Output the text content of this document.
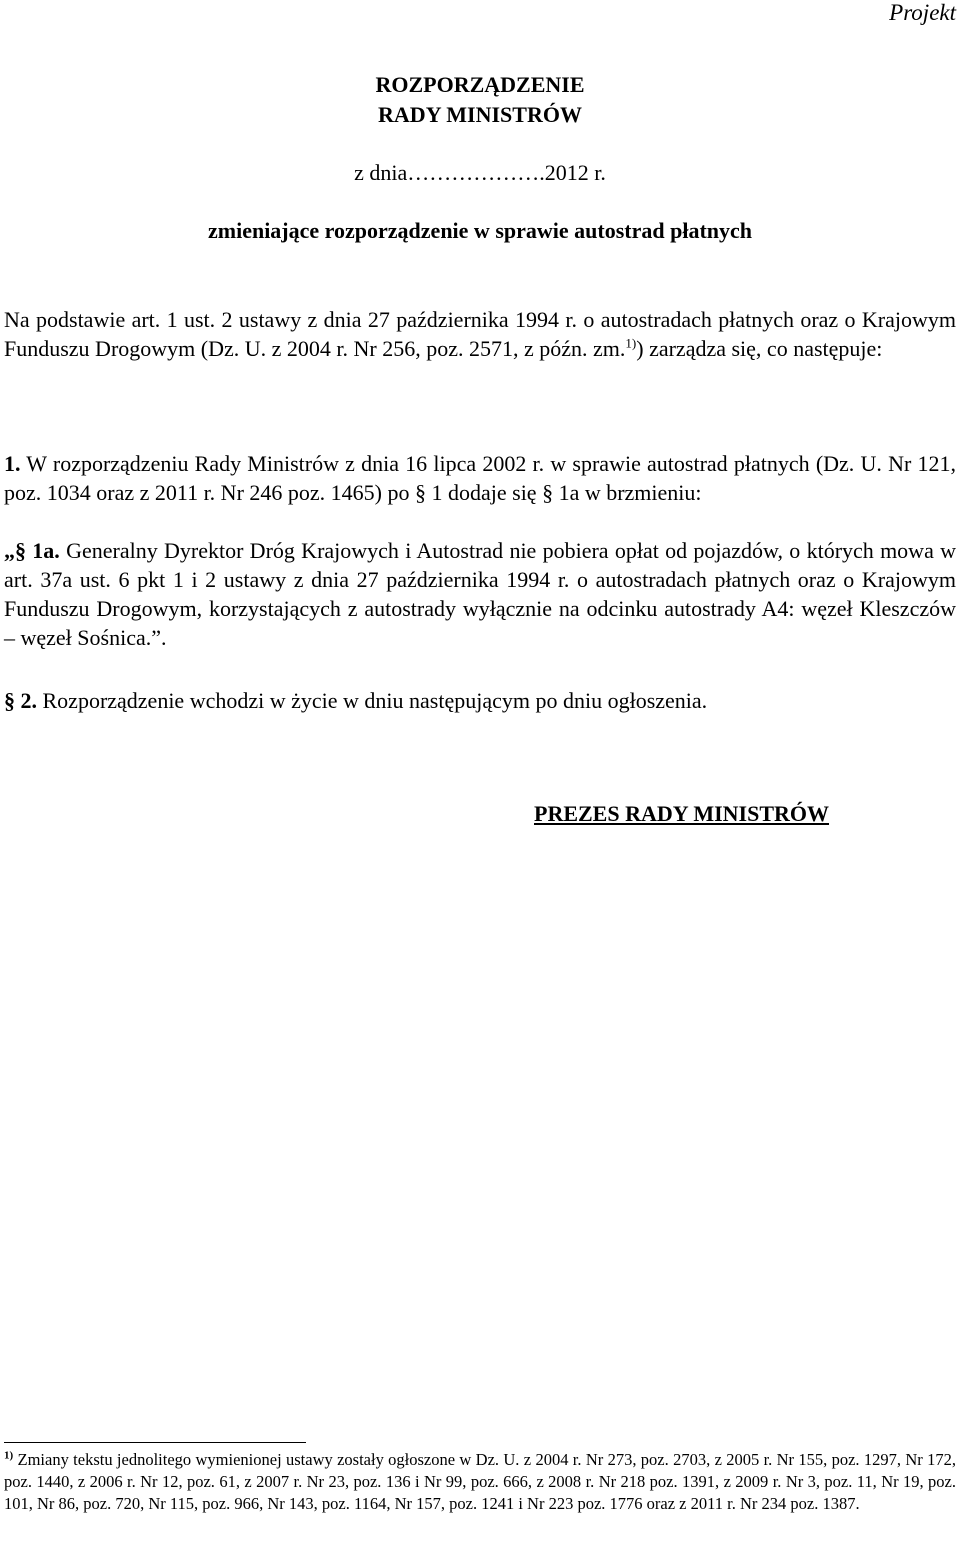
Projekt
ROZPORZĄDZENIE
RADY MINISTRÓW
z dnia……………….2012 r.
zmieniające rozporządzenie w sprawie autostrad płatnych
Na podstawie art. 1 ust. 2 ustawy z dnia 27 października 1994 r. o autostradach płatnych oraz o Krajowym Funduszu Drogowym (Dz. U. z 2004 r. Nr 256, poz. 2571, z późn. zm.$^{1)}$) zarządza się, co następuje:
1. W rozporządzeniu Rady Ministrów z dnia 16 lipca 2002 r. w sprawie autostrad płatnych (Dz. U. Nr 121, poz. 1034 oraz z 2011 r. Nr 246 poz. 1465) po § 1 dodaje się § 1a w brzmieniu:
„§ 1a. Generalny Dyrektor Dróg Krajowych i Autostrad nie pobiera opłat od pojazdów, o których mowa w art. 37a ust. 6 pkt 1 i 2 ustawy z dnia 27 października 1994 r. o autostradach płatnych oraz o Krajowym Funduszu Drogowym, korzystających z autostrady wyłącznie na odcinku autostrady A4: węzeł Kleszczów – węzeł Sośnica.”.
§ 2. Rozporządzenie wchodzi w życie w dniu następującym po dniu ogłoszenia.
PREZES RADY MINISTRÓW
$^{1)}$ Zmiany tekstu jednolitego wymienionej ustawy zostały ogłoszone w Dz. U. z 2004 r. Nr 273, poz. 2703, z 2005 r. Nr 155, poz. 1297, Nr 172, poz. 1440, z 2006 r. Nr 12, poz. 61, z 2007 r. Nr 23, poz. 136 i Nr 99, poz. 666, z 2008 r. Nr 218 poz. 1391, z 2009 r. Nr 3, poz. 11, Nr 19, poz. 101, Nr 86, poz. 720, Nr 115, poz. 966, Nr 143, poz. 1164, Nr 157, poz. 1241 i Nr 223 poz. 1776 oraz z 2011 r. Nr 234 poz. 1387.
